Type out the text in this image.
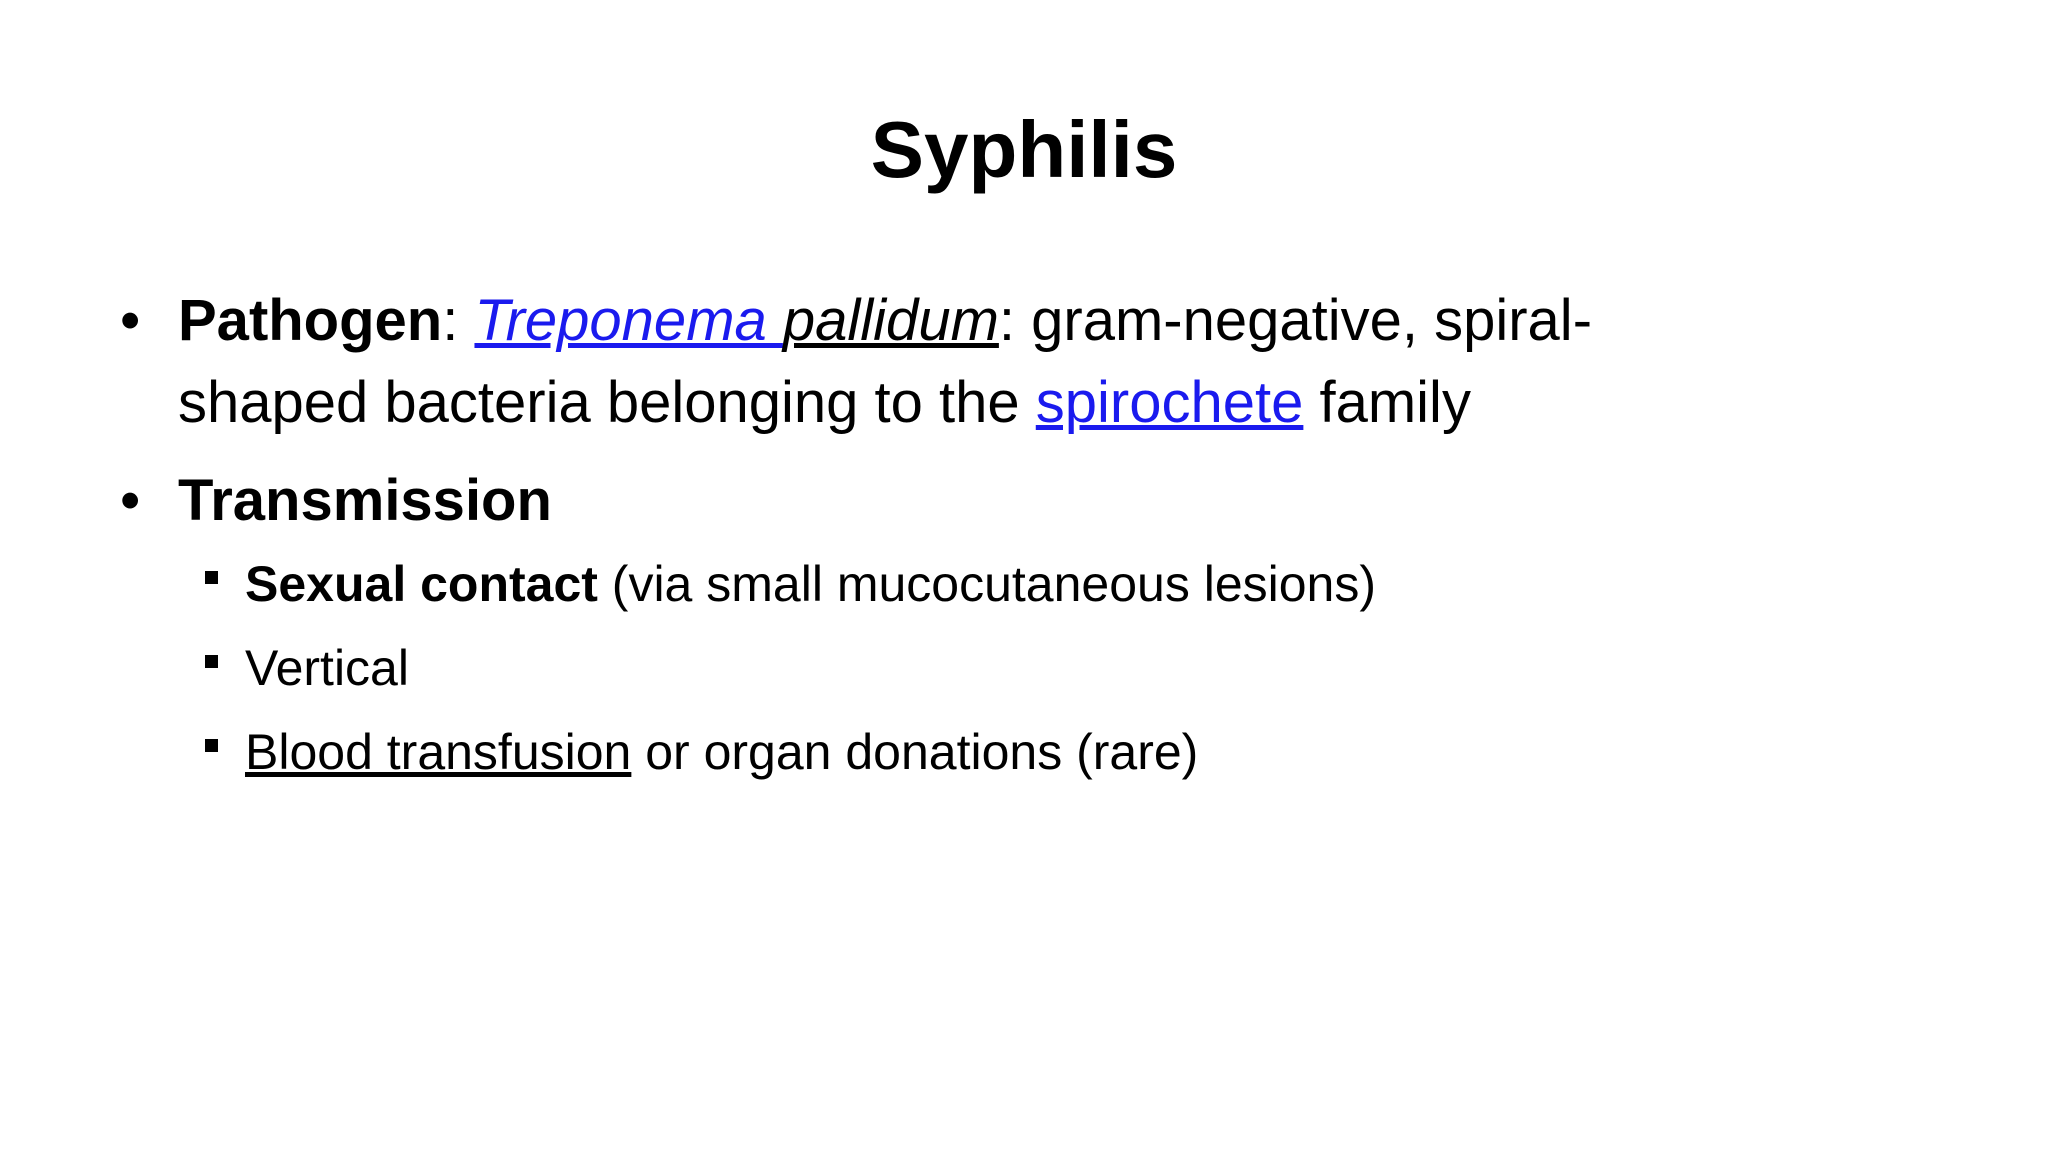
Syphilis
• Pathogen: Treponema pallidum: gram-negative, spiral-
shaped bacteria belonging to the spirochete family
• Transmission
Sexual contact (via small mucocutaneous lesions)
Vertical
Blood transfusion or organ donations (rare)
